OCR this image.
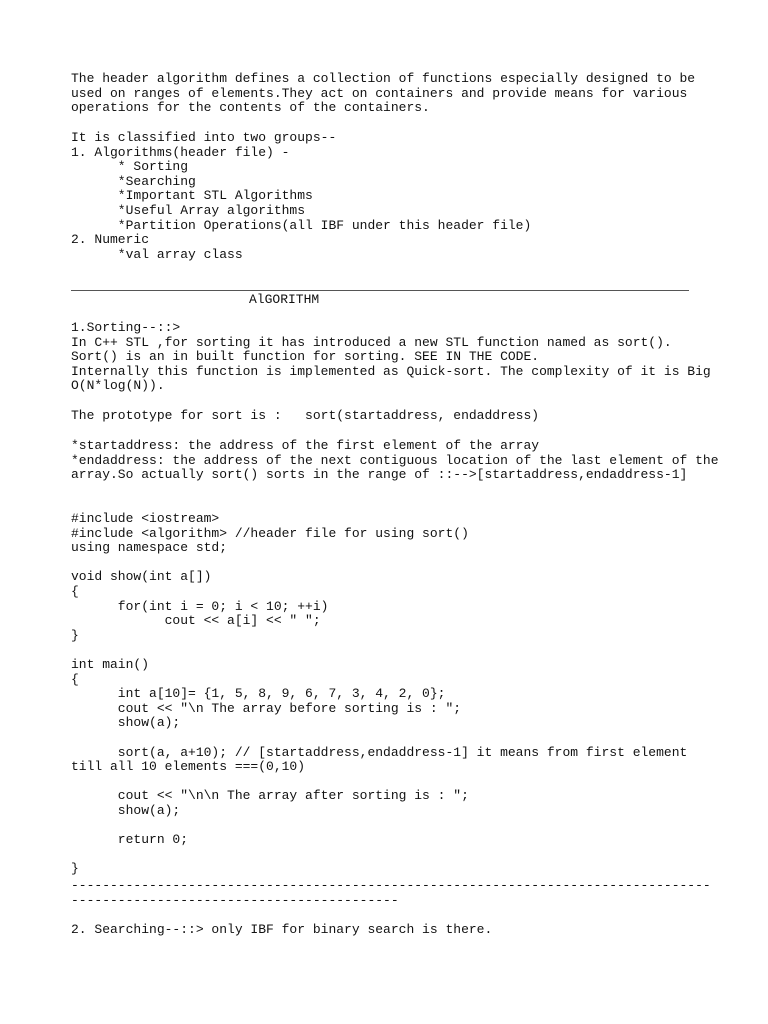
The header algorithm defines a collection of functions especially designed to be
used on ranges of elements.They act on containers and provide means for various
operations for the contents of the containers.
It is classified into two groups--
1. Algorithms(header file) -
* Sorting
*Searching
*Important STL Algorithms
*Useful Array algorithms
*Partition Operations(all IBF under this header file)
2. Numeric
*val array class
AlGORITHM
1.Sorting--::>
In C++ STL ,for sorting it has introduced a new STL function named as sort().
Sort() is an in built function for sorting. SEE IN THE CODE.
Internally this function is implemented as Quick-sort. The complexity of it is Big
O(N*log(N)).
The prototype for sort is :   sort(startaddress, endaddress)
*startaddress: the address of the first element of the array
*endaddress: the address of the next contiguous location of the last element of the
array.So actually sort() sorts in the range of ::-->[startaddress,endaddress-1]
#include <iostream>
#include <algorithm> //header file for using sort()
using namespace std;

void show(int a[])
{
for(int i = 0; i < 10; ++i)
cout << a[i] << " ";
}

int main()
{
int a[10]= {1, 5, 8, 9, 6, 7, 3, 4, 2, 0};
cout << "\n The array before sorting is : ";
show(a);

sort(a, a+10); // [startaddress,endaddress-1] it means from first element
till all 10 elements ===(0,10)

cout << "\n\n The array after sorting is : ";
show(a);

return 0;

}
----------------------------------------------------------------------------------
------------------------------------------
2. Searching--::> only IBF for binary search is there.
